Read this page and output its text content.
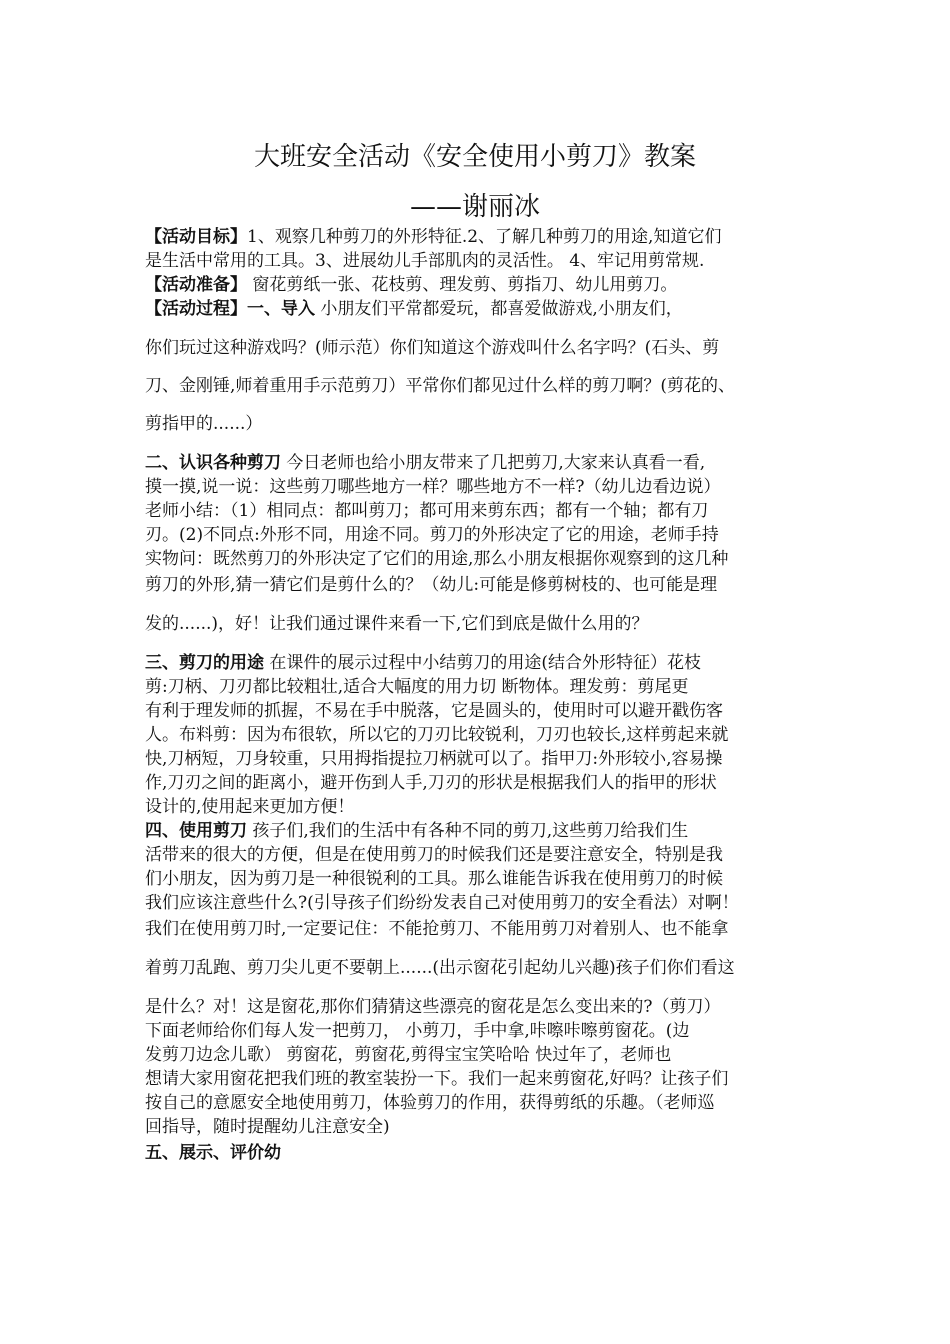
大班安全活动《安全使用小剪刀》教案
——谢丽冰
【活动目标】1、观察几种剪刀的外形特征.2、了解几种剪刀的用途,知道它们
是生活中常用的工具。3、进展幼儿手部肌肉的灵活性。 4、牢记用剪常规.
【活动准备】 窗花剪纸一张、花枝剪、理发剪、剪指刀、幼儿用剪刀。
【活动过程】一、导入 小朋友们平常都爱玩，都喜爱做游戏,小朋友们，
你们玩过这种游戏吗？(师示范）你们知道这个游戏叫什么名字吗？(石头、剪
刀、金刚锤,师着重用手示范剪刀）平常你们都见过什么样的剪刀啊？(剪花的、
剪指甲的......）
二、认识各种剪刀 今日老师也给小朋友带来了几把剪刀,大家来认真看一看,
摸一摸,说一说：这些剪刀哪些地方一样？哪些地方不一样?（幼儿边看边说）
老师小结：（1）相同点：都叫剪刀；都可用来剪东西；都有一个轴；都有刀
刃。(2)不同点:外形不同，用途不同。剪刀的外形决定了它的用途，老师手持
实物问：既然剪刀的外形决定了它们的用途,那么小朋友根据你观察到的这几种
剪刀的外形,猜一猜它们是剪什么的？（幼儿:可能是修剪树枝的、也可能是理
发的......)，好！让我们通过课件来看一下,它们到底是做什么用的？
三、剪刀的用途 在课件的展示过程中小结剪刀的用途(结合外形特征）花枝
剪:刀柄、刀刃都比较粗壮,适合大幅度的用力切 断物体。理发剪：剪尾更
有利于理发师的抓握，不易在手中脱落，它是圆头的，使用时可以避开戳伤客
人。布料剪：因为布很软，所以它的刀刃比较锐利，刀刃也较长,这样剪起来就
快,刀柄短，刀身较重，只用拇指提拉刀柄就可以了。指甲刀:外形较小,容易操
作,刀刃之间的距离小，避开伤到人手,刀刃的形状是根据我们人的指甲的形状
设计的,使用起来更加方便！
四、使用剪刀 孩子们,我们的生活中有各种不同的剪刀,这些剪刀给我们生
活带来的很大的方便，但是在使用剪刀的时候我们还是要注意安全，特别是我
们小朋友，因为剪刀是一种很锐利的工具。那么谁能告诉我在使用剪刀的时候
我们应该注意些什么?(引导孩子们纷纷发表自己对使用剪刀的安全看法）对啊！
我们在使用剪刀时,一定要记住：不能抢剪刀、不能用剪刀对着别人、也不能拿
着剪刀乱跑、剪刀尖儿更不要朝上......(出示窗花引起幼儿兴趣)孩子们你们看这
是什么？对！这是窗花,那你们猜猜这些漂亮的窗花是怎么变出来的?（剪刀）
下面老师给你们每人发一把剪刀， 小剪刀，手中拿,咔嚓咔嚓剪窗花。(边
发剪刀边念儿歌） 剪窗花，剪窗花,剪得宝宝笑哈哈 快过年了，老师也
想请大家用窗花把我们班的教室装扮一下。我们一起来剪窗花,好吗？让孩子们
按自己的意愿安全地使用剪刀，体验剪刀的作用，获得剪纸的乐趣。（老师巡
回指导，随时提醒幼儿注意安全)
五、展示、评价幼
